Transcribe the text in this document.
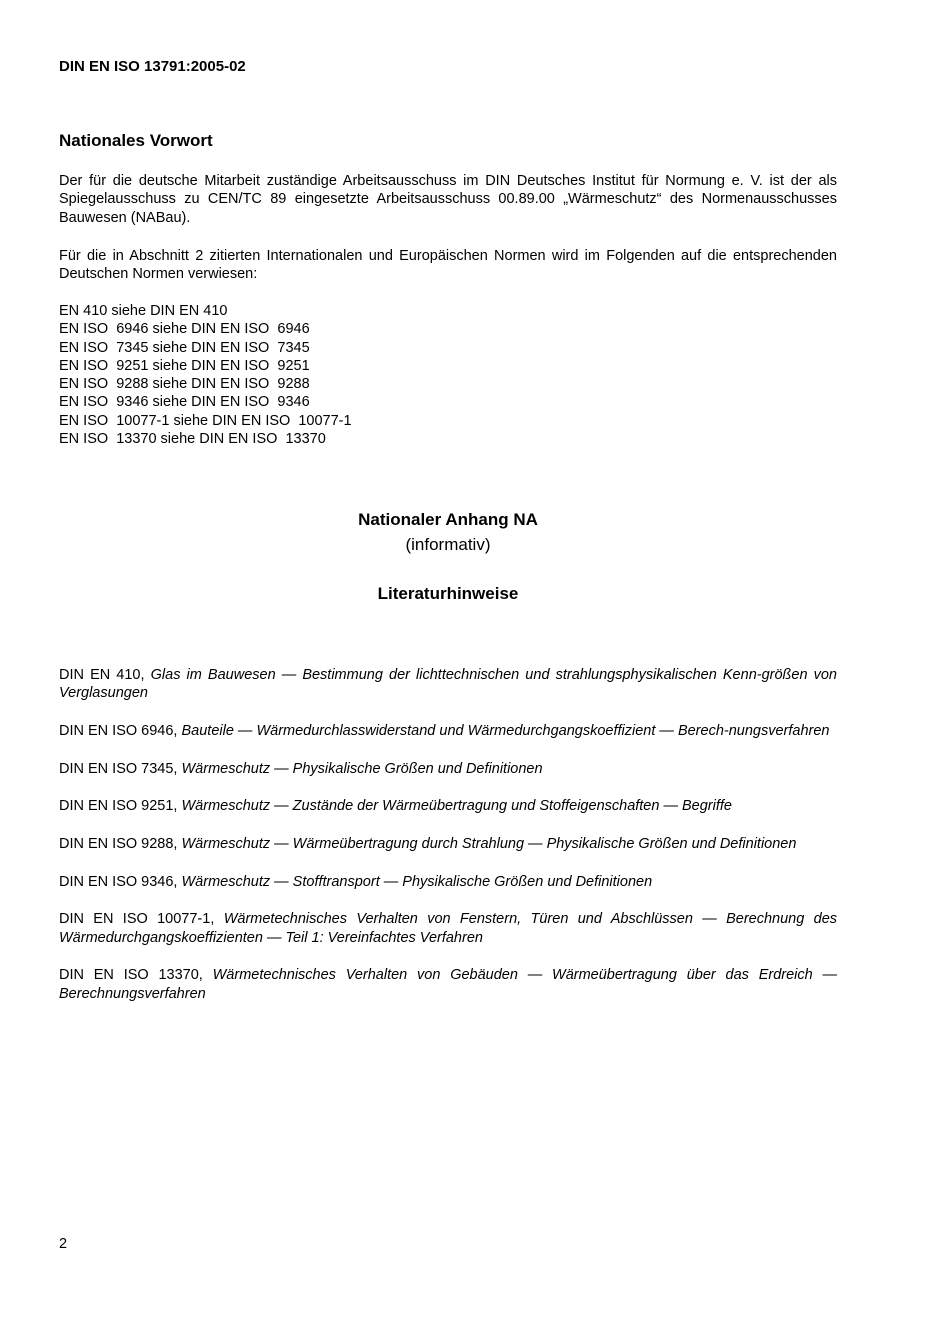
DIN EN ISO 13791:2005-02

Nationales Vorwort

Der für die deutsche Mitarbeit zuständige Arbeitsausschuss im DIN Deutsches Institut für Normung e. V. ist der als Spiegelausschuss zu CEN/TC 89 eingesetzte Arbeitsausschuss 00.89.00 „Wärmeschutz“ des Normenausschusses Bauwesen (NABau).

Für die in Abschnitt 2 zitierten Internationalen und Europäischen Normen wird im Folgenden auf die entsprechenden Deutschen Normen verwiesen:

EN 410 siehe DIN EN 410
EN ISO  6946 siehe DIN EN ISO  6946
EN ISO  7345 siehe DIN EN ISO  7345
EN ISO  9251 siehe DIN EN ISO  9251
EN ISO  9288 siehe DIN EN ISO  9288
EN ISO  9346 siehe DIN EN ISO  9346
EN ISO  10077-1 siehe DIN EN ISO  10077-1
EN ISO  13370 siehe DIN EN ISO  13370
Nationaler Anhang NA

(informativ)

Literaturhinweise
DIN EN 410, Glas im Bauwesen — Bestimmung der lichttechnischen und strahlungsphysikalischen Kenn-größen von Verglasungen
DIN EN ISO 6946, Bauteile — Wärmedurchlasswiderstand und Wärmedurchgangskoeffizient — Berech-nungsverfahren
DIN EN ISO 7345, Wärmeschutz — Physikalische Größen und Definitionen
DIN EN ISO 9251, Wärmeschutz — Zustände der Wärmeübertragung und Stoffeigenschaften — Begriffe
DIN EN ISO 9288, Wärmeschutz — Wärmeübertragung durch Strahlung — Physikalische Größen und Definitionen
DIN EN ISO 9346, Wärmeschutz — Stofftransport — Physikalische Größen und Definitionen
DIN EN ISO 10077-1, Wärmetechnisches Verhalten von Fenstern, Türen und Abschlüssen — Berechnung des Wärmedurchgangskoeffizienten — Teil 1: Vereinfachtes Verfahren
DIN EN ISO 13370, Wärmetechnisches Verhalten von Gebäuden — Wärmeübertragung über das Erdreich — Berechnungsverfahren

2
